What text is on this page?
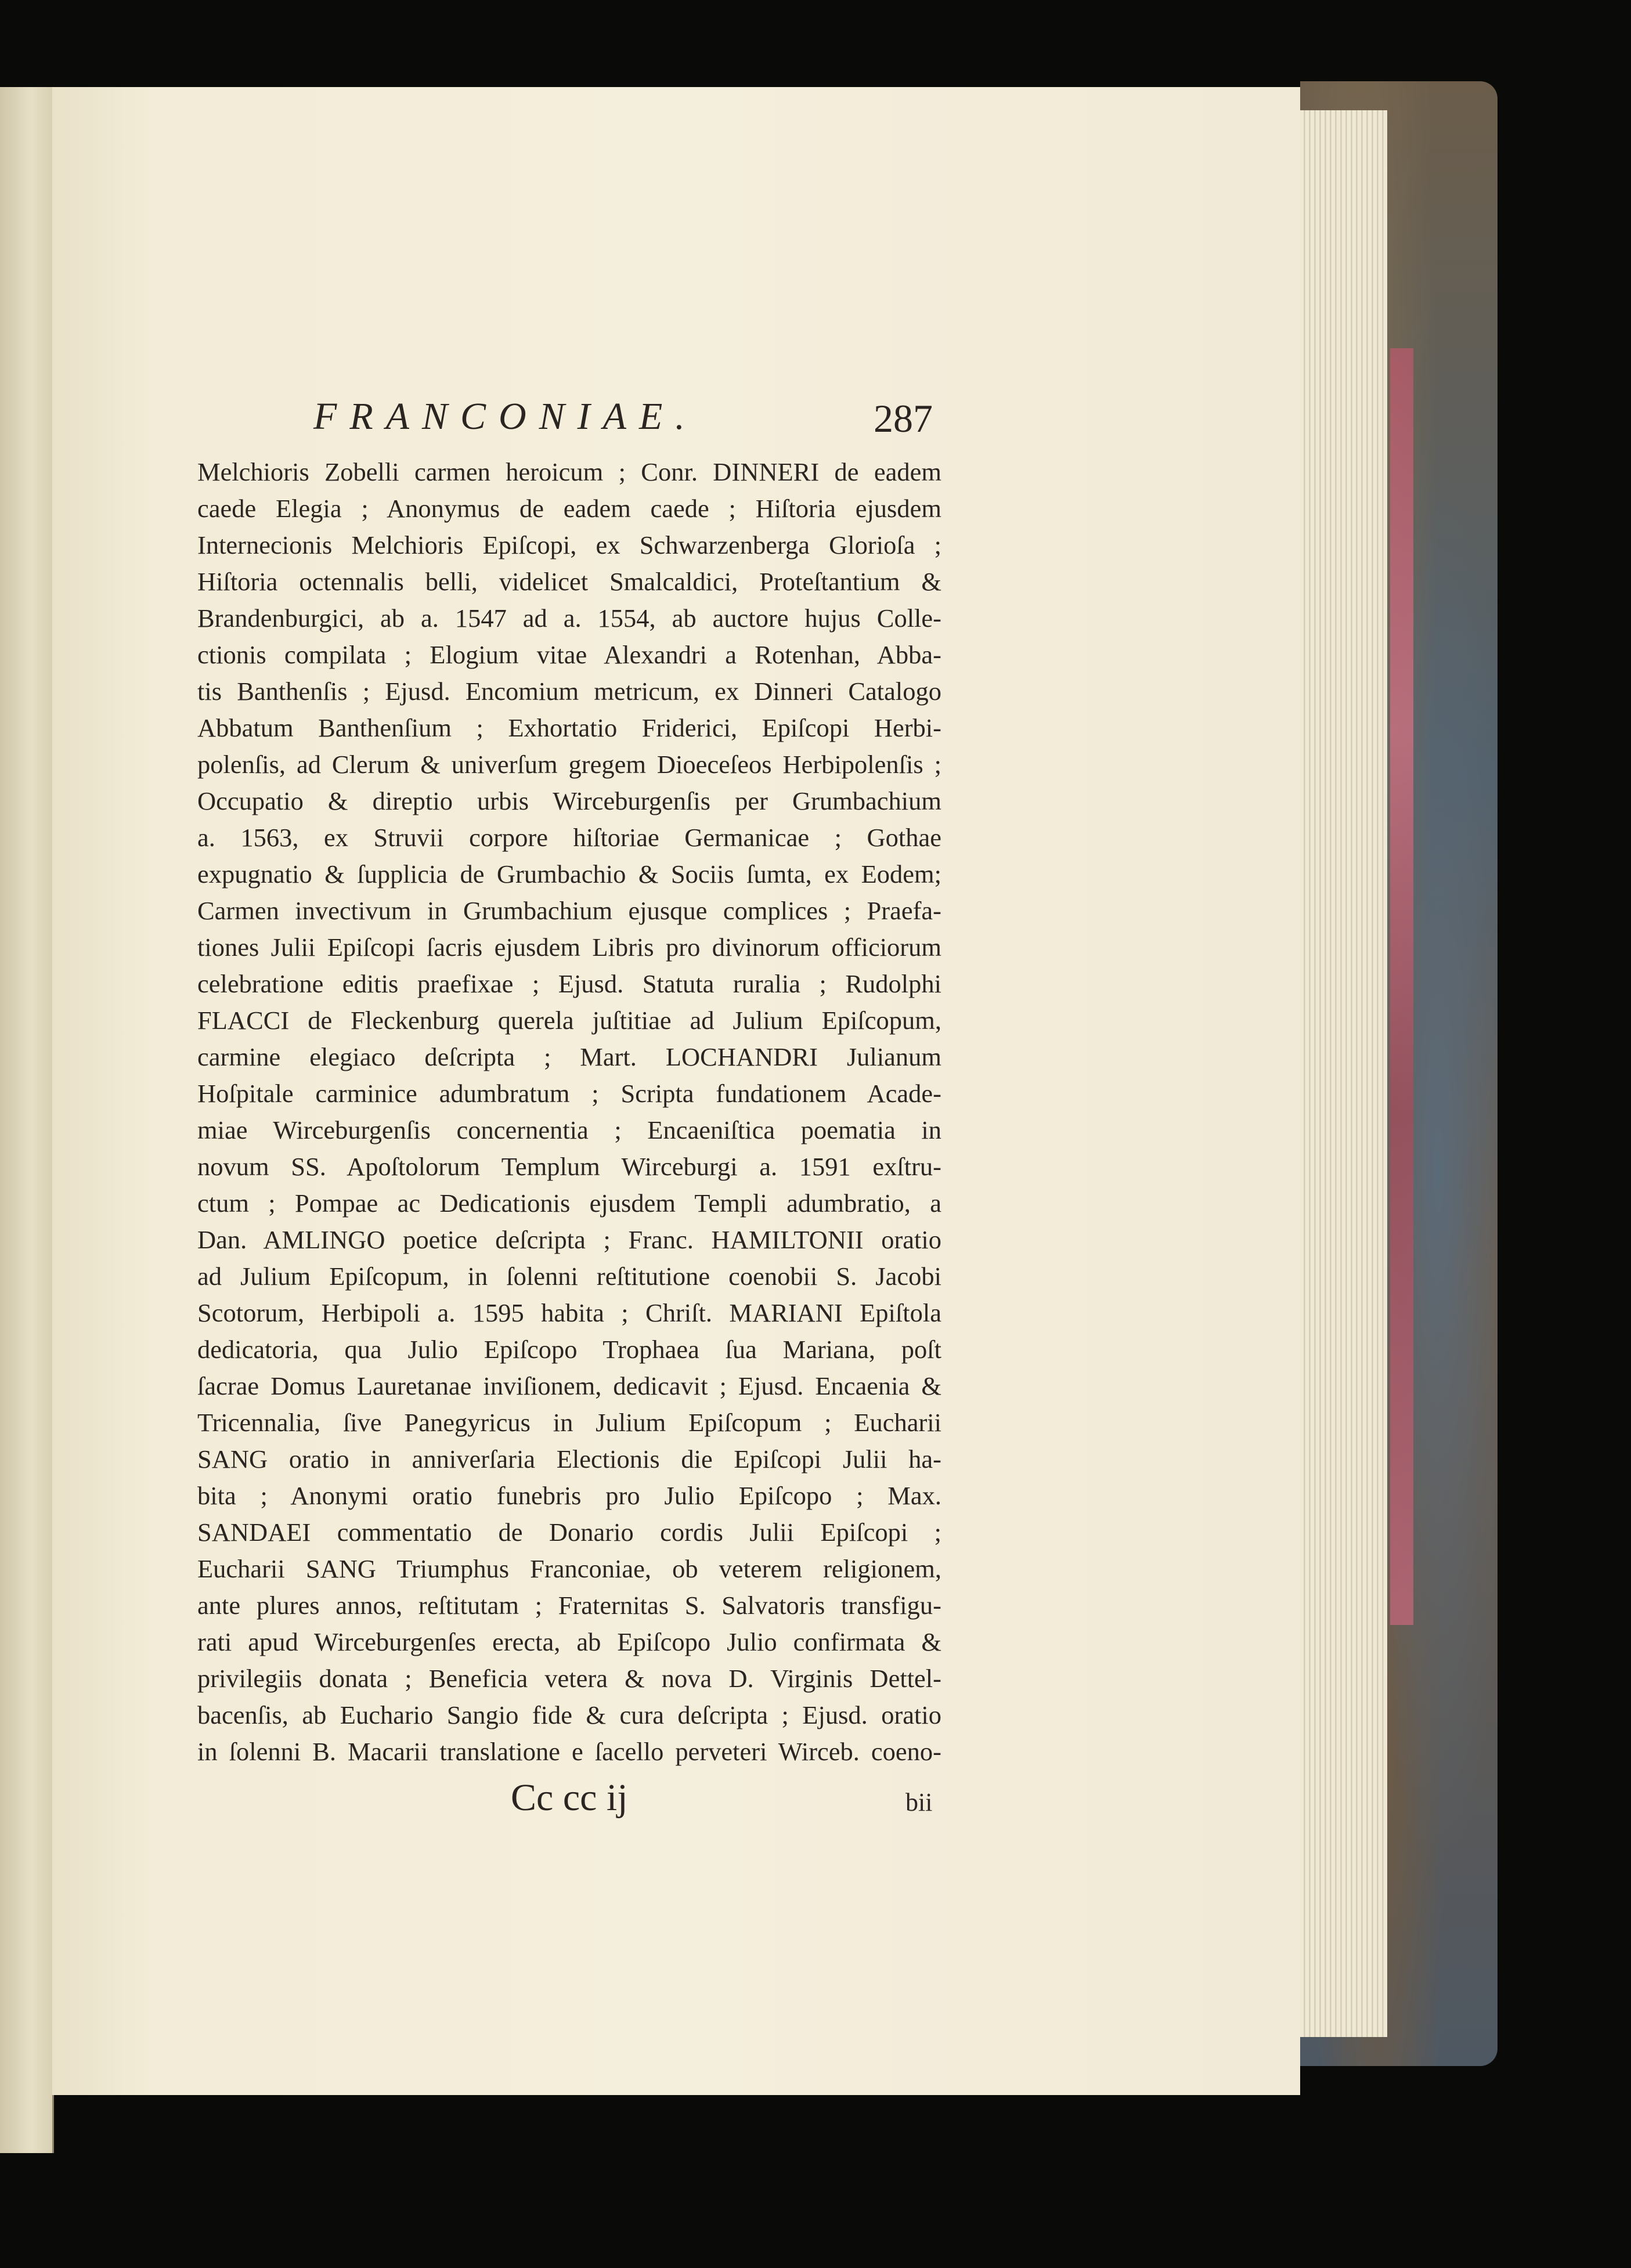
FRANCONIAE.	287
Melchioris Zobelli carmen heroicum ; Conr. DINNERI de eadem
caede Elegia ; Anonymus de eadem caede ; Hiſtoria ejusdem
Internecionis Melchioris Epiſcopi, ex Schwarzenberga Glorioſa ;
Hiſtoria octennalis belli, videlicet Smalcaldici, Proteſtantium &
Brandenburgici, ab a. 1547 ad a. 1554, ab auctore hujus Colle-
ctionis compilata ; Elogium vitae Alexandri a Rotenhan, Abba-
tis Banthenſis ; Ejusd. Encomium metricum, ex Dinneri Catalogo
Abbatum Banthenſium ; Exhortatio Friderici, Epiſcopi Herbi-
polenſis, ad Clerum & univerſum gregem Dioeceſeos Herbipolenſis ;
Occupatio & direptio urbis Wirceburgenſis per Grumbachium
a. 1563, ex Struvii corpore hiſtoriae Germanicae ; Gothae
expugnatio & ſupplicia de Grumbachio & Sociis ſumta, ex Eodem;
Carmen invectivum in Grumbachium ejusque complices ; Praefa-
tiones Julii Epiſcopi ſacris ejusdem Libris pro divinorum officiorum
celebratione editis praefixae ; Ejusd. Statuta ruralia ; Rudolphi
FLACCI de Fleckenburg querela juſtitiae ad Julium Epiſcopum,
carmine elegiaco deſcripta ; Mart. LOCHANDRI Julianum
Hoſpitale carminice adumbratum ; Scripta fundationem Acade-
miae Wirceburgenſis concernentia ; Encaeniſtica poematia in
novum SS. Apoſtolorum Templum Wirceburgi a. 1591 exſtru-
ctum ; Pompae ac Dedicationis ejusdem Templi adumbratio, a
Dan. AMLINGO poetice deſcripta ; Franc. HAMILTONII oratio
ad Julium Epiſcopum, in ſolenni reſtitutione coenobii S. Jacobi
Scotorum, Herbipoli a. 1595 habita ; Chriſt. MARIANI Epiſtola
dedicatoria, qua Julio Epiſcopo Trophaea ſua Mariana, poſt
ſacrae Domus Lauretanae inviſionem, dedicavit ; Ejusd. Encaenia &
Tricennalia, ſive Panegyricus in Julium Epiſcopum ; Eucharii
SANG oratio in anniverſaria Electionis die Epiſcopi Julii ha-
bita ; Anonymi oratio funebris pro Julio Epiſcopo ; Max.
SANDAEI commentatio de Donario cordis Julii Epiſcopi ;
Eucharii SANG Triumphus Franconiae, ob veterem religionem,
ante plures annos, reſtitutam ; Fraternitas S. Salvatoris transfigu-
rati apud Wirceburgenſes erecta, ab Epiſcopo Julio confirmata &
privilegiis donata ; Beneficia vetera & nova D. Virginis Dettel-
bacenſis, ab Euchario Sangio fide & cura deſcripta ; Ejusd. oratio
in ſolenni B. Macarii translatione e ſacello perveteri Wirceb. coeno-
Cc cc ij	bii
